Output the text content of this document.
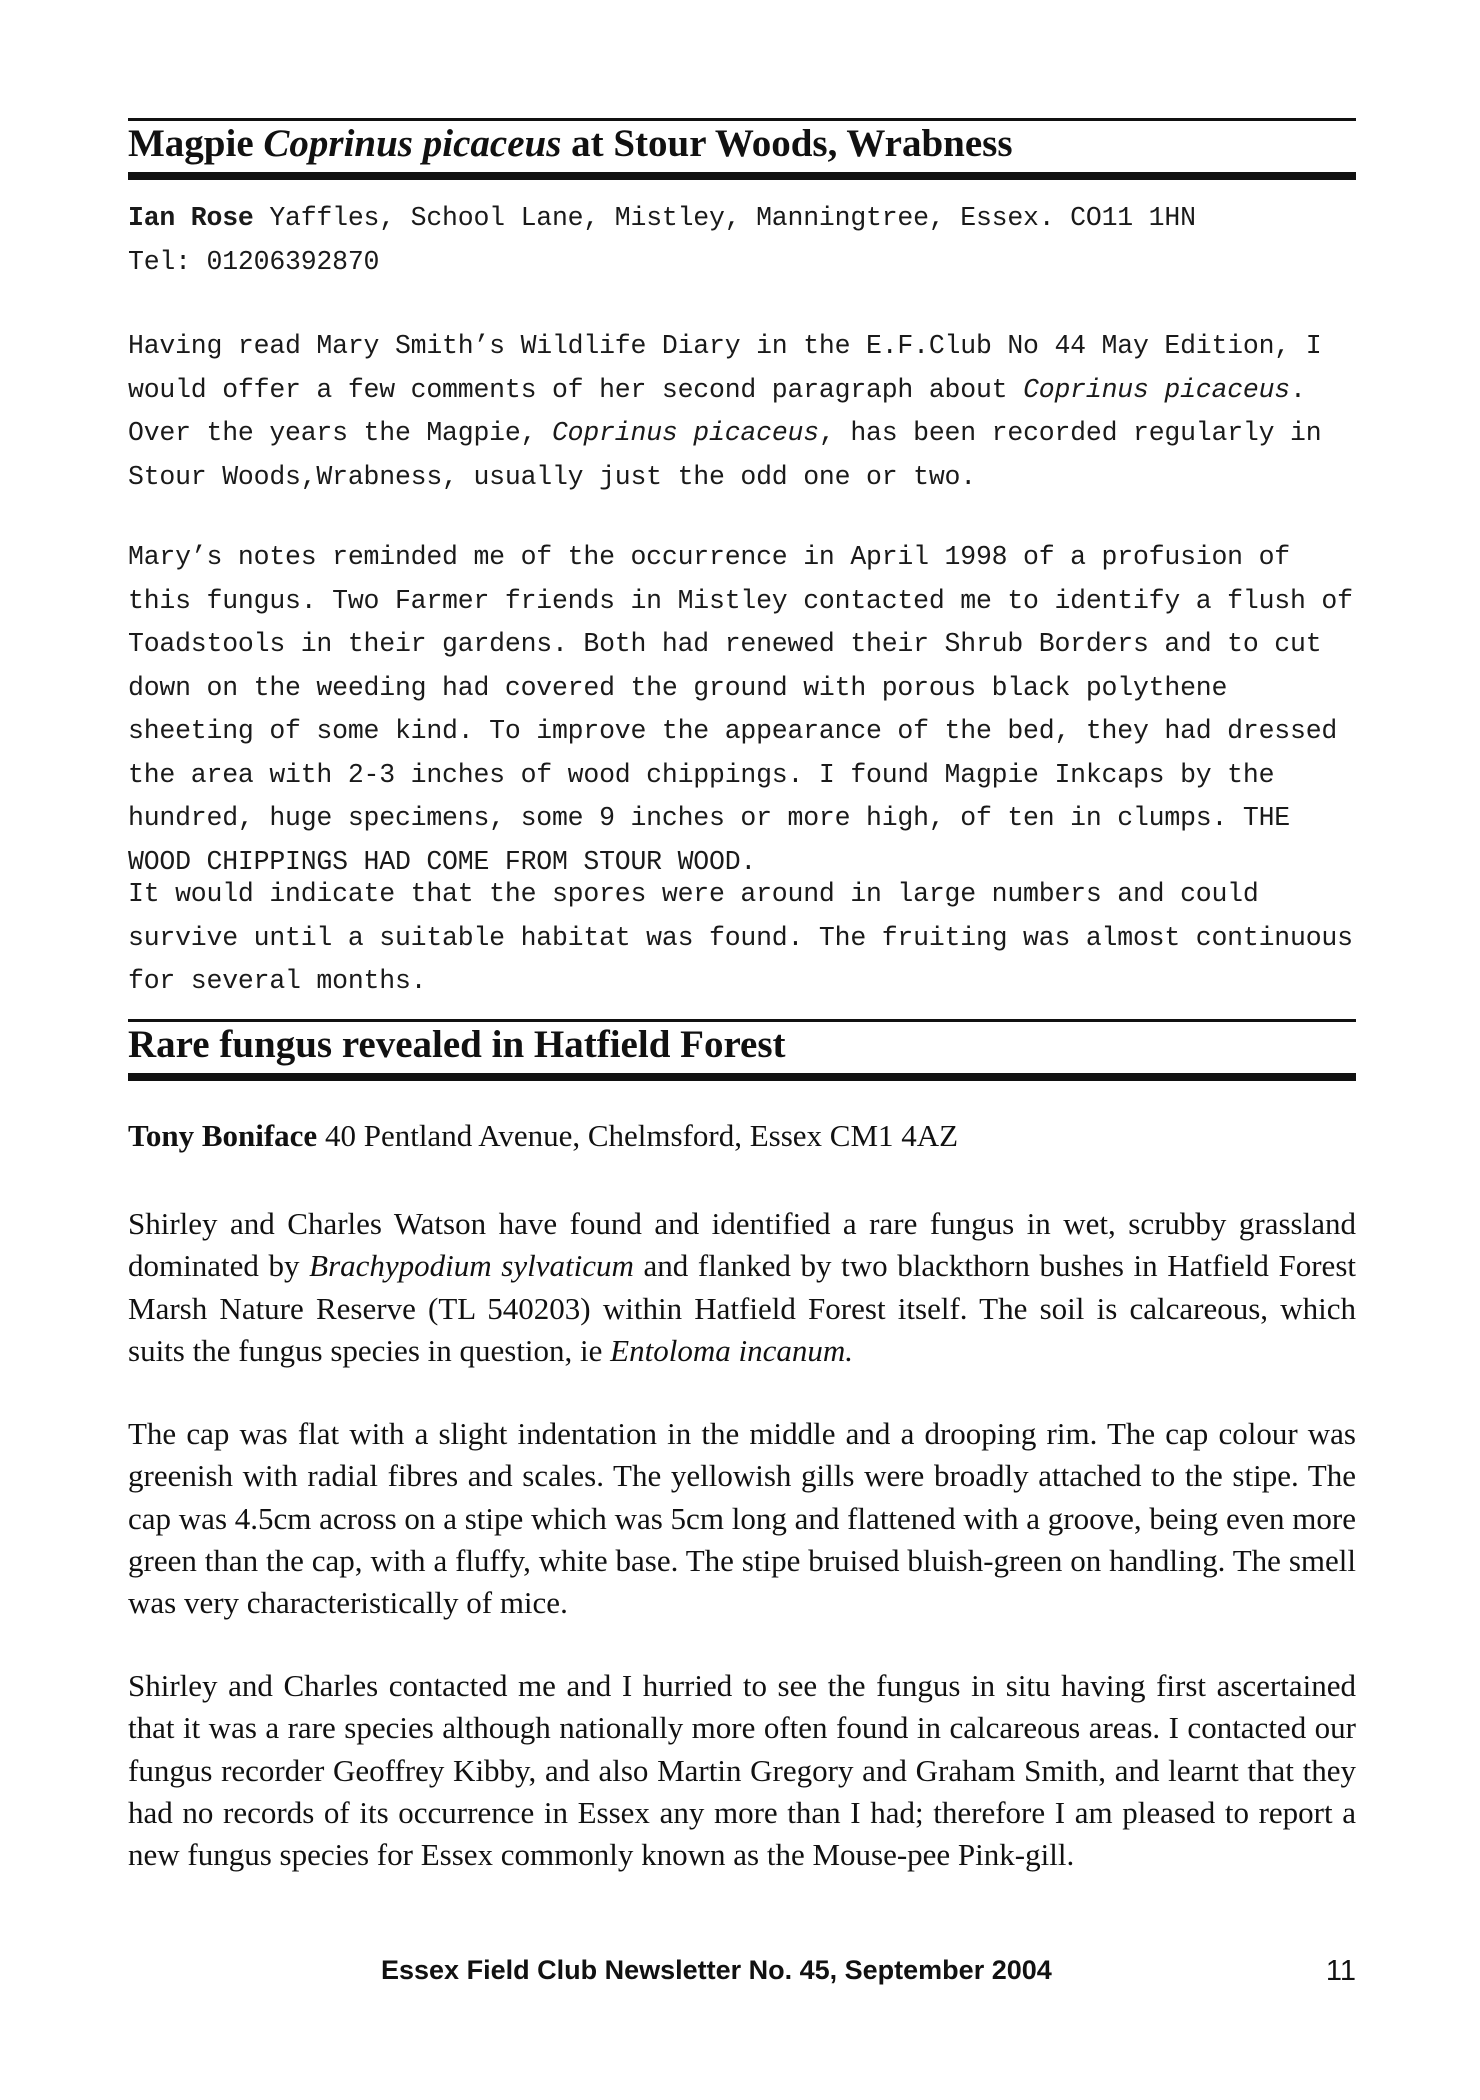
Magpie Coprinus picaceus at Stour Woods, Wrabness

Ian Rose Yaffles, School Lane, Mistley, Manningtree, Essex. CO11 1HN

Tel: 01206392870

Having read Mary Smith’s Wildlife Diary in the E.F.Club No 44 May Edition, I would offer a few comments of her second paragraph about Coprinus picaceus. Over the years the Magpie, Coprinus picaceus, has been recorded regularly in Stour Woods,Wrabness, usually just the odd one or two.

Mary’s notes reminded me of the occurrence in April 1998 of a profusion of this fungus. Two Farmer friends in Mistley contacted me to identify a flush of Toadstools in their gardens. Both had renewed their Shrub Borders and to cut down on the weeding had covered the ground with porous black polythene sheeting of some kind. To improve the appearance of the bed, they had dressed the area with 2-3 inches of wood chippings. I found Magpie Inkcaps by the hundred, huge specimens, some 9 inches or more high, of ten in clumps. THE WOOD CHIPPINGS HAD COME FROM STOUR WOOD.

It would indicate that the spores were around in large numbers and could survive until a suitable habitat was found. The fruiting was almost continuous for several months.

Rare fungus revealed in Hatfield Forest

Tony Boniface 40 Pentland Avenue, Chelmsford, Essex CM1 4AZ

Shirley and Charles Watson have found and identified a rare fungus in wet, scrubby grassland dominated by Brachypodium sylvaticum and flanked by two blackthorn bushes in Hatfield Forest Marsh Nature Reserve (TL 540203) within Hatfield Forest itself. The soil is calcareous, which suits the fungus species in question, ie Entoloma incanum.

The cap was flat with a slight indentation in the middle and a drooping rim. The cap colour was greenish with radial fibres and scales. The yellowish gills were broadly attached to the stipe. The cap was 4.5cm across on a stipe which was 5cm long and flattened with a groove, being even more green than the cap, with a fluffy, white base. The stipe bruised bluish-green on handling. The smell was very characteristically of mice.

Shirley and Charles contacted me and I hurried to see the fungus in situ having first ascertained that it was a rare species although nationally more often found in calcareous areas. I contacted our fungus recorder Geoffrey Kibby, and also Martin Gregory and Graham Smith, and learnt that they had no records of its occurrence in Essex any more than I had; therefore I am pleased to report a new fungus species for Essex commonly known as the Mouse-pee Pink-gill.

Essex Field Club Newsletter No. 45, September 2004	11
